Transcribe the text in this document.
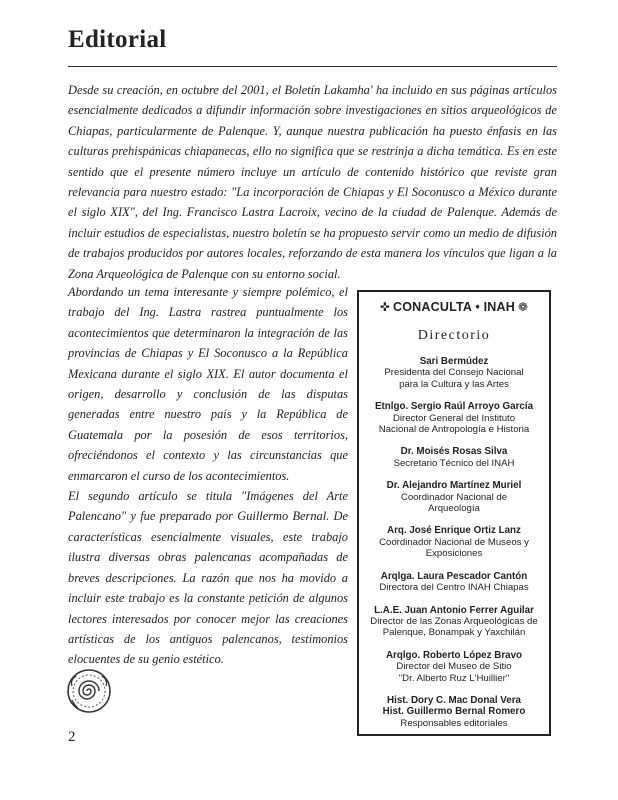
Editorial

Desde su creación, en octubre del 2001, el Boletín Lakamha' ha incluido en sus páginas artículos esencialmente dedicados a difundir información sobre investigaciones en sitios arqueológicos de Chiapas, particularmente de Palenque. Y, aunque nuestra publicación ha puesto énfasis en las culturas prehispánicas chiapanecas, ello no significa que se restrinja a dicha temática. Es en este sentido que el presente número incluye un artículo de contenido histórico que reviste gran relevancia para nuestro estado: "La incorporación de Chiapas y El Soconusco a México durante el siglo XIX", del Ing. Francisco Lastra Lacroix, vecino de la ciudad de Palenque. Además de incluir estudios de especialistas, nuestro boletín se ha propuesto servir como un medio de difusión de trabajos producidos por autores locales, reforzando de esta manera los vínculos que ligan a la Zona Arqueológica de Palenque con su entorno social.

Abordando un tema interesante y siempre polémico, el trabajo del Ing. Lastra rastrea puntualmente los acontecimientos que determinaron la integración de las provincias de Chiapas y El Soconusco a la República Mexicana durante el siglo XIX. El autor documenta el origen, desarrollo y conclusión de las disputas generadas entre nuestro país y la República de Guatemala por la posesión de esos territorios, ofreciéndonos el contexto y las circunstancias que enmarcaron el curso de los acontecimientos.

El segundo artículo se titula "Imágenes del Arte Palencano" y fue preparado por Guillermo Bernal. De características esencialmente visuales, este trabajo ilustra diversas obras palencanas acompañadas de breves descripciones. La razón que nos ha movido a incluir este trabajo es la constante petición de algunos lectores interesados por conocer mejor las creaciones artísticas de los antiguos palencanos, testimonios elocuentes de su genio estético.

✜ CONACULTA • INAH ❁
Directorio
Sari Bermúdez
Presidenta del Consejo Nacional
para la Cultura y las Artes
Etnlgo. Sergio Raúl Arroyo García
Director General del Instituto
Nacional de Antropología e Historia
Dr. Moisés Rosas Silva
Secretario Técnico del INAH
Dr. Alejandro Martínez Muriel
Coordinador Nacional de
Arqueología
Arq. José Enrique Ortiz Lanz
Coordinador Nacional de Museos y
Exposiciones
Arqlga. Laura Pescador Cantón
Directora del Centro INAH Chiapas
L.A.E. Juan Antonio Ferrer Aguilar
Director de las Zonas Arqueológicas de
Palenque, Bonampak y Yaxchilán
Arqlgo. Roberto López Bravo
Director del Museo de Sitio
"Dr. Alberto Ruz L'Huillier"
Hist. Dory C. Mac Donal Vera
Hist. Guillermo Bernal Romero
Responsables editoriales
2
